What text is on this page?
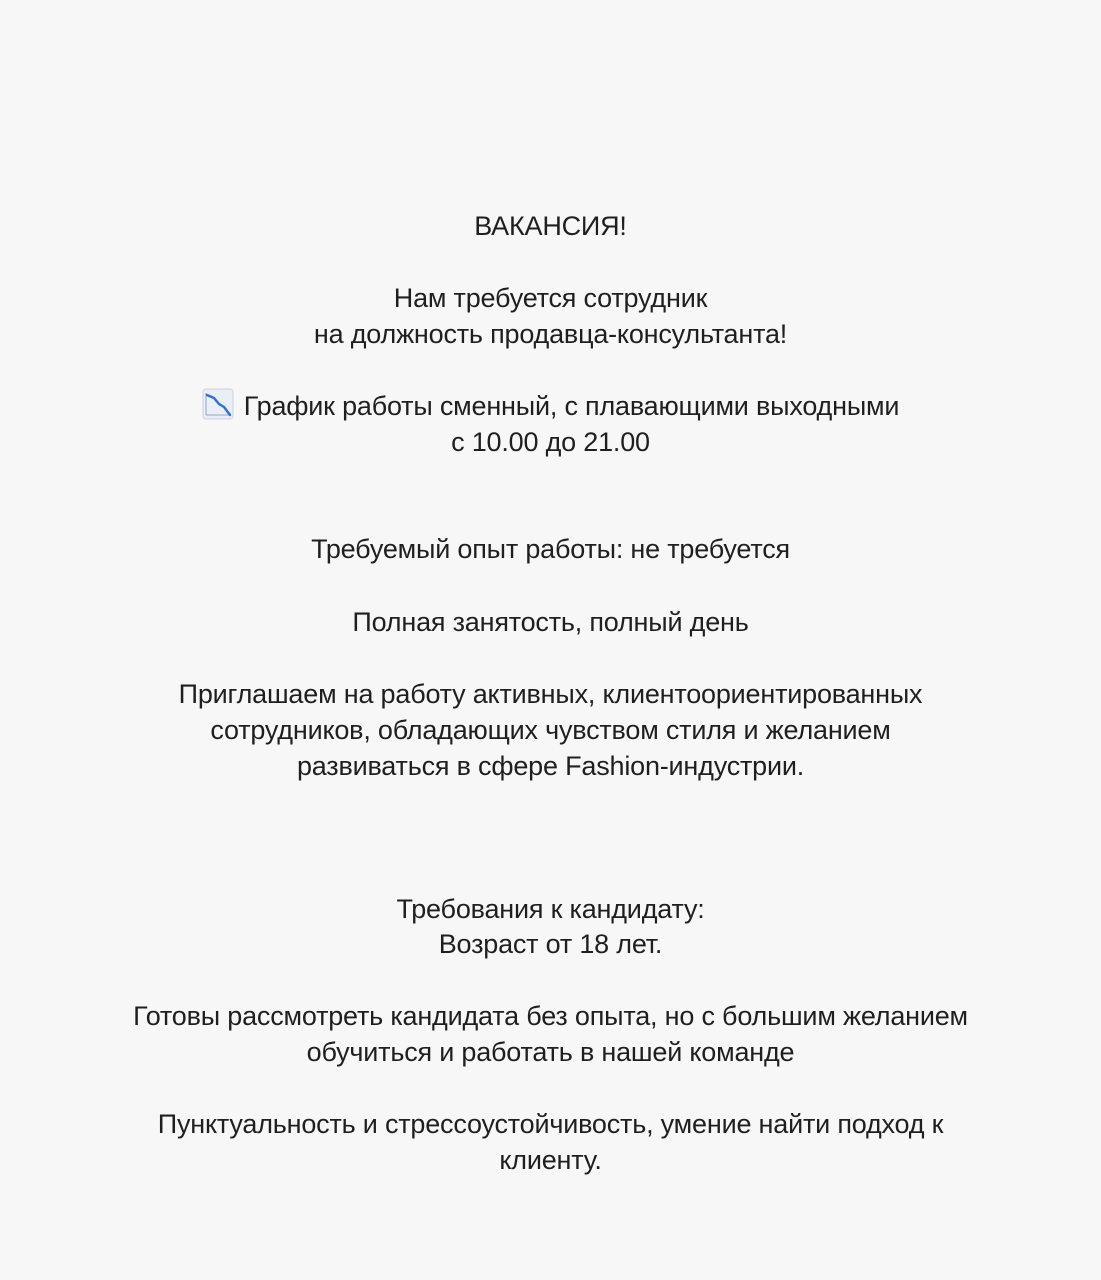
ВАКАНСИЯ!
Нам требуется сотрудник
на должность продавца-консультанта!
График работы сменный, с плавающими выходными
с 10.00 до 21.00
Требуемый опыт работы: не требуется
Полная занятость, полный день
Приглашаем на работу активных, клиентоориентированных
сотрудников, обладающих чувством стиля и желанием
развиваться в сфере Fashion-индустрии.
Требования к кандидату:
Возраст от 18 лет.
Готовы рассмотреть кандидата без опыта, но с большим желанием
обучиться и работать в нашей команде
Пунктуальность и стрессоустойчивость, умение найти подход к
клиенту.
